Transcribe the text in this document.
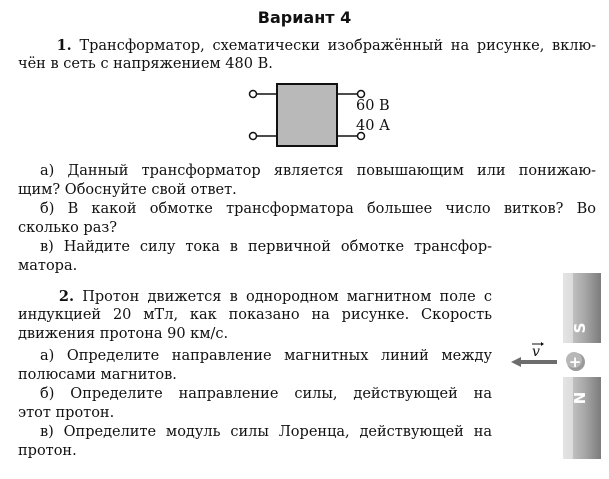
Вариант 4

1. Трансформатор, схематически изображённый на рисунке, вклю-

чён в сеть с напряжением 480 В.

60 В
40 А

а) Данный трансформатор является повышающим или понижаю-

щим? Обоснуйте свой ответ.

б) В какой обмотке трансформатора большее число витков? Во

сколько раз?

в) Найдите силу тока в первичной обмотке трансфор-

матора.

2. Протон движется в однородном магнитном поле с

индукцией 20 мТл, как показано на рисунке. Скорость

движения протона 90 км/с.

а) Определите направление магнитных линий между

полюсами магнитов.

б) Определите направление силы, действующей на

этот протон.

в) Определите модуль силы Лоренца, действующей на

протон.

S
N
v
+
